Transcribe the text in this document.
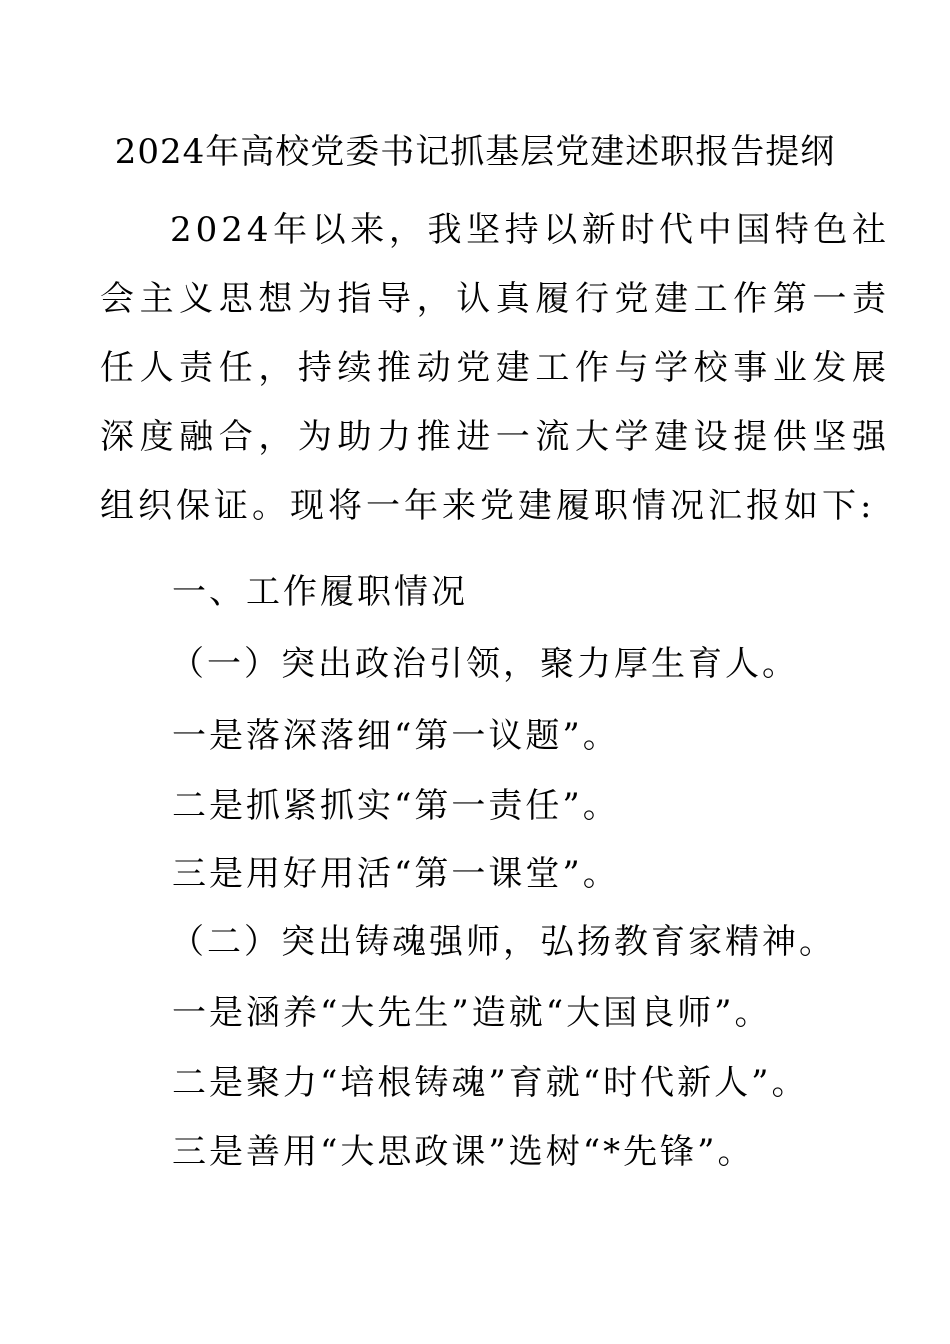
2024年高校党委书记抓基层党建述职报告提纲

2024年以来，我坚持以新时代中国特色社会主义思想为指导，认真履行党建工作第一责任人责任，持续推动党建工作与学校事业发展深度融合，为助力推进一流大学建设提供坚强组织保证。现将一年来党建履职情况汇报如下:

一、工作履职情况
（一）突出政治引领，聚力厚生育人。
一是落深落细“第一议题”。
二是抓紧抓实“第一责任”。
三是用好用活“第一课堂”。
（二）突出铸魂强师，弘扬教育家精神。
一是涵养“大先生”造就“大国良师”。
二是聚力“培根铸魂”育就“时代新人”。
三是善用“大思政课”选树“*先锋”。
